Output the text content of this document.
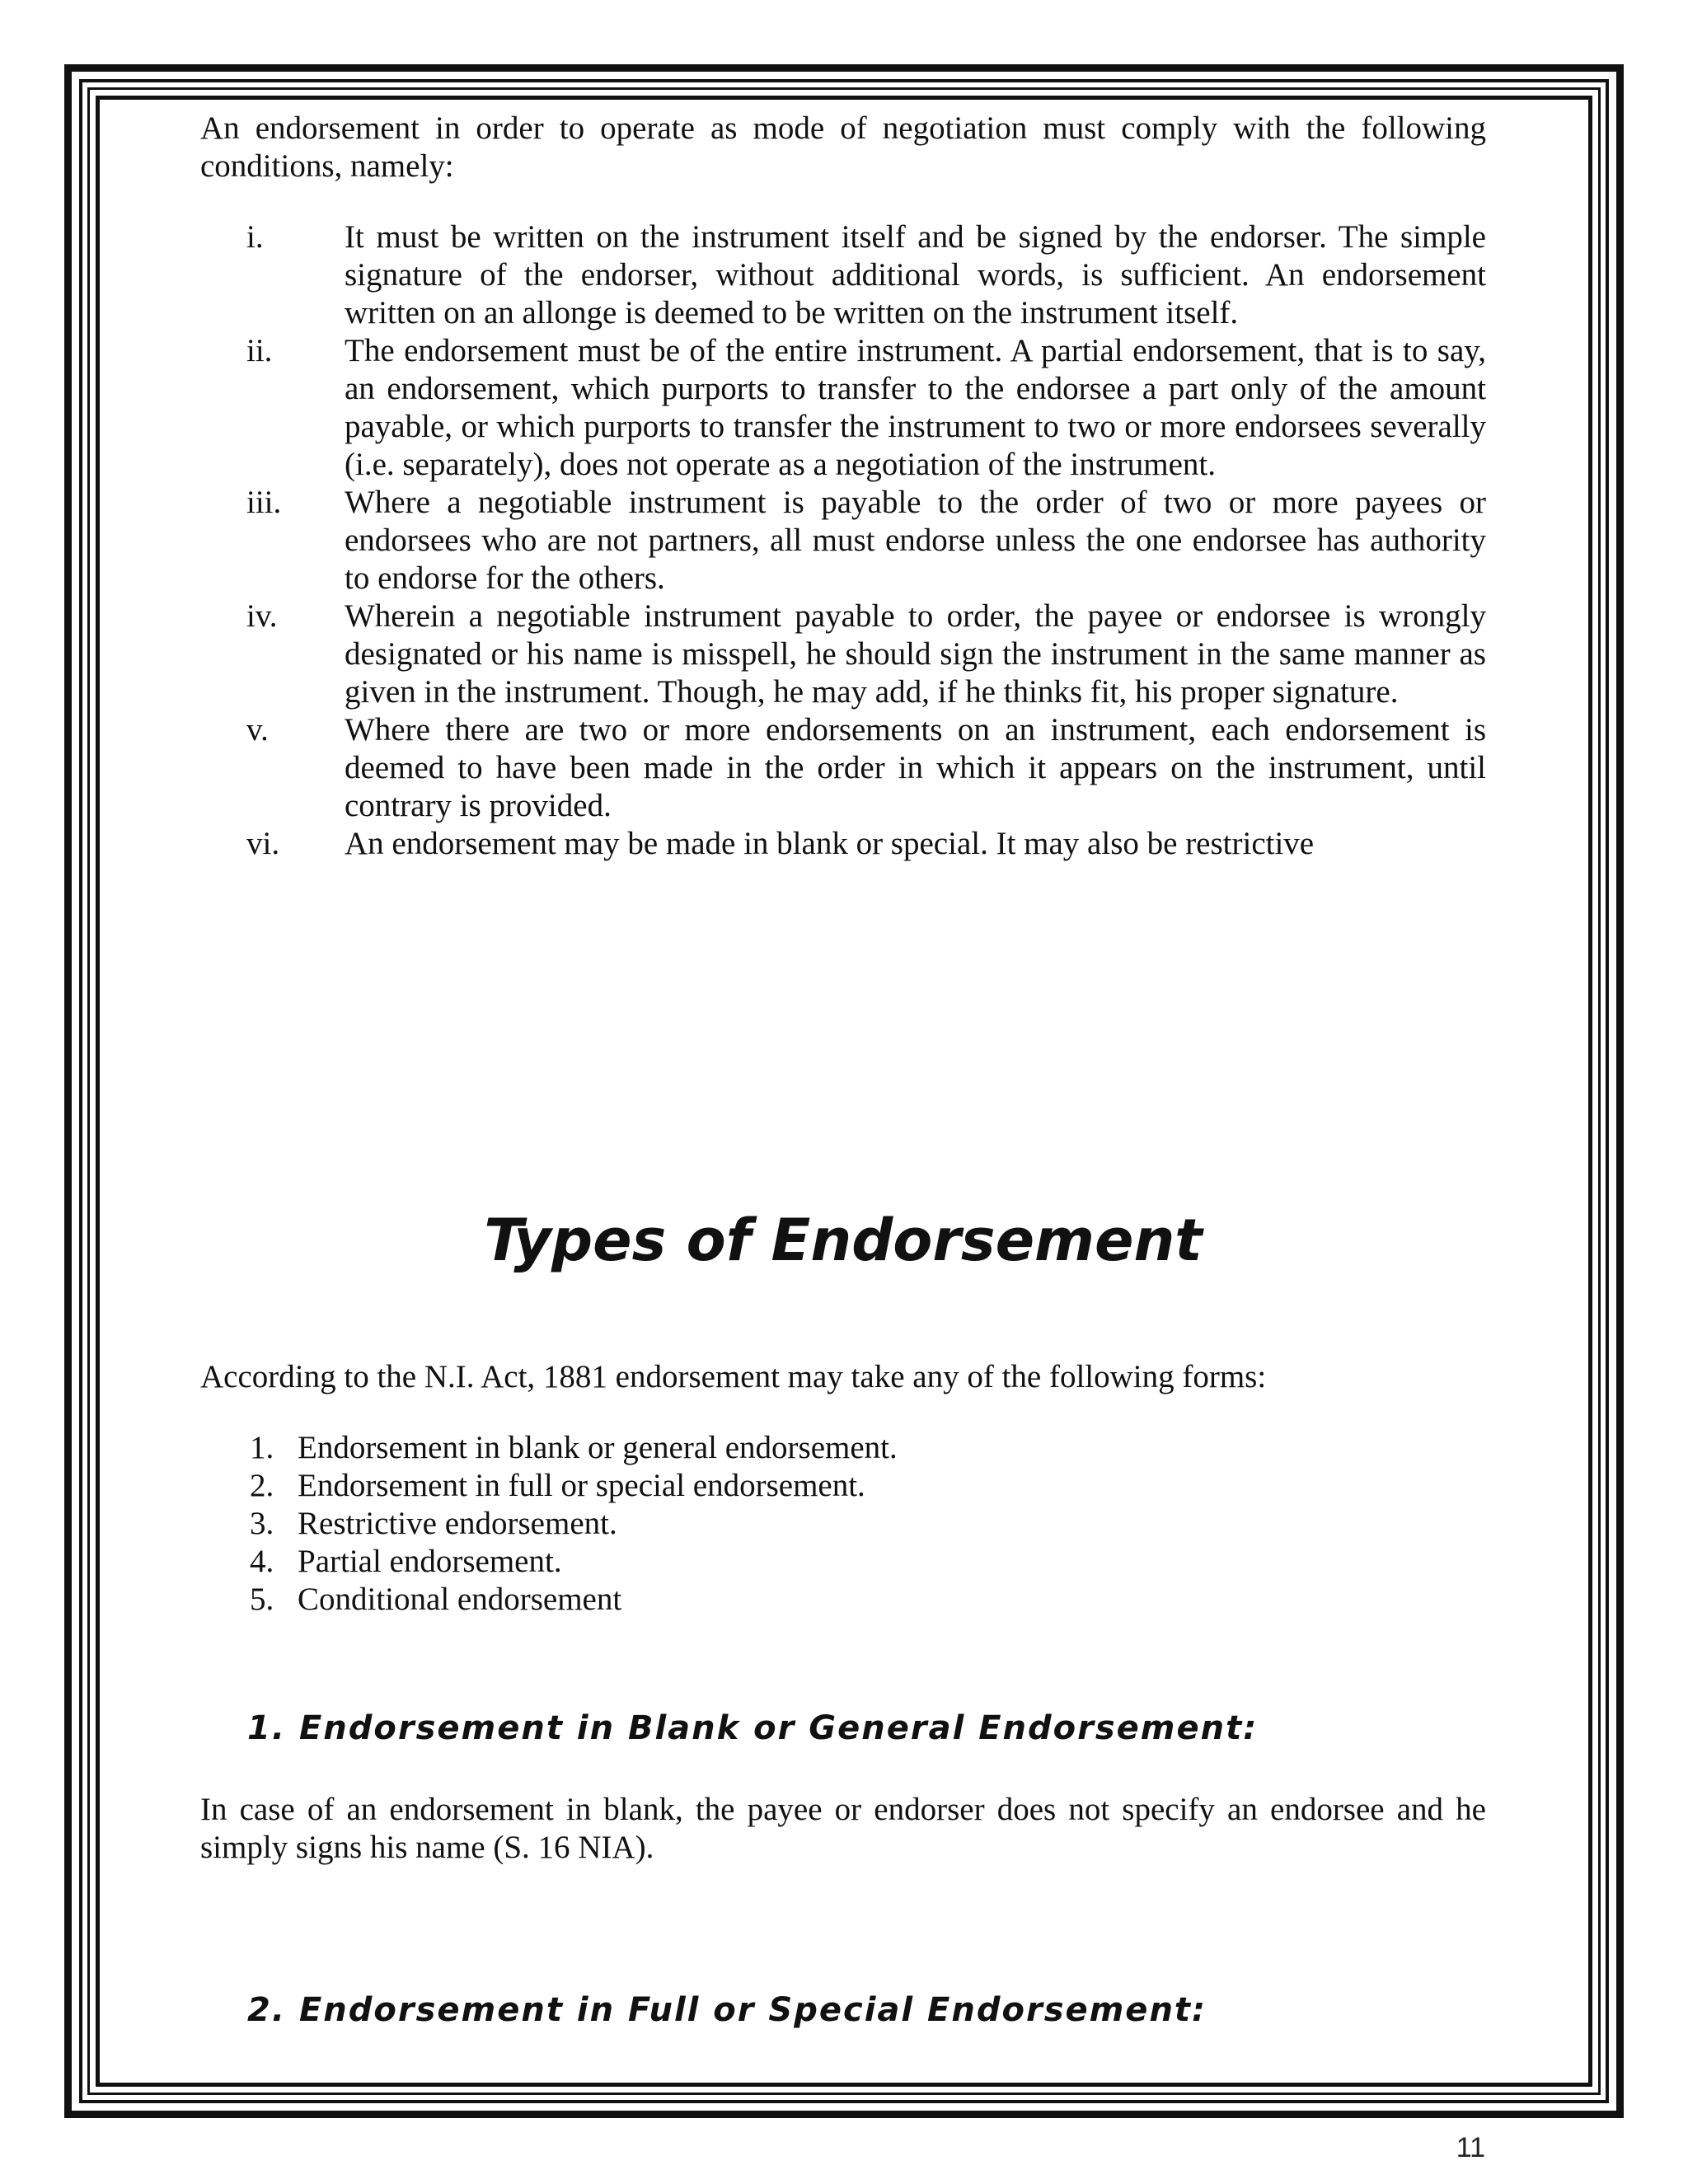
An endorsement in order to operate as mode of negotiation must comply with the following conditions, namely:

i.	It must be written on the instrument itself and be signed by the endorser. The simple signature of the endorser, without additional words, is sufficient. An endorsement written on an allonge is deemed to be written on the instrument itself.
ii.	The endorsement must be of the entire instrument. A partial endorsement, that is to say, an endorsement, which purports to transfer to the endorsee a part only of the amount payable, or which purports to transfer the instrument to two or more endorsees severally (i.e. separately), does not operate as a negotiation of the instrument.
iii.	Where a negotiable instrument is payable to the order of two or more payees or endorsees who are not partners, all must endorse unless the one endorsee has authority to endorse for the others.
iv.	Wherein a negotiable instrument payable to order, the payee or endorsee is wrongly designated or his name is misspell, he should sign the instrument in the same manner as given in the instrument. Though, he may add, if he thinks fit, his proper signature.
v.	Where there are two or more endorsements on an instrument, each endorsement is deemed to have been made in the order in which it appears on the instrument, until contrary is provided.
vi.	An endorsement may be made in blank or special. It may also be restrictive
Types of Endorsement

According to the N.I. Act, 1881 endorsement may take any of the following forms:

1. Endorsement in blank or general endorsement.
2. Endorsement in full or special endorsement.
3. Restrictive endorsement.
4. Partial endorsement.
5. Conditional endorsement
1. Endorsement in Blank or General Endorsement:

In case of an endorsement in blank, the payee or endorser does not specify an endorsee and he simply signs his name (S. 16 NIA).

2. Endorsement in Full or Special Endorsement:
11
